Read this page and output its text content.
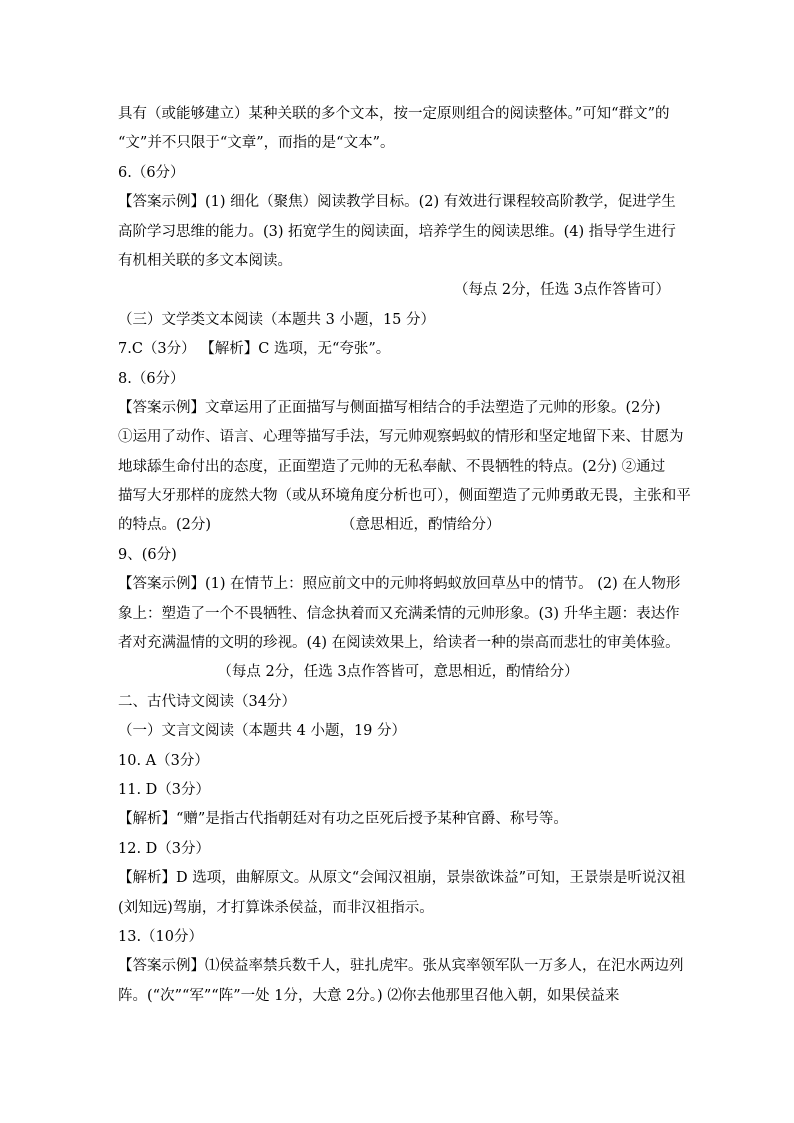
具有（或能够建立）某种关联的多个文本，按一定原则组合的阅读整体。”可知“群文”的
“文”并不只限于“文章”，而指的是“文本”。
6.（6分）
【答案示例】(1) 细化（聚焦）阅读教学目标。(2) 有效进行课程较高阶教学，促进学生
高阶学习思维的能力。(3) 拓宽学生的阅读面，培养学生的阅读思维。(4) 指导学生进行
有机相关联的多文本阅读。
（每点 2分，任选 3点作答皆可）
（三）文学类文本阅读（本题共 3 小题，15 分）
7.C（3分） 【解析】C 选项，无“夸张”。
8.（6分）
【答案示例】文章运用了正面描写与侧面描写相结合的手法塑造了元帅的形象。(2分)
①运用了动作、语言、心理等描写手法，写元帅观察蚂蚁的情形和坚定地留下来、甘愿为
地球舔生命付出的态度，正面塑造了元帅的无私奉献、不畏牺牲的特点。(2分) ②通过
描写大牙那样的庞然大物（或从环境角度分析也可），侧面塑造了元帅勇敢无畏，主张和平
的特点。(2分)	（意思相近，酌情给分）
9、(6分)
【答案示例】(1) 在情节上：照应前文中的元帅将蚂蚁放回草丛中的情节。 (2) 在人物形
象上：塑造了一个不畏牺牲、信念执着而又充满柔情的元帅形象。(3) 升华主题：表达作
者对充满温情的文明的珍视。(4) 在阅读效果上，给读者一种的崇高而悲壮的审美体验。
（每点 2分，任选 3点作答皆可，意思相近，酌情给分）
二、古代诗文阅读（34分）
（一）文言文阅读（本题共 4 小题，19 分）
10. A（3分）
11. D（3分）
【解析】“赠”是指古代指朝廷对有功之臣死后授予某种官爵、称号等。
12. D（3分）
【解析】D 选项，曲解原文。从原文“会闻汉祖崩，景崇欲诛益”可知，王景崇是听说汉祖
(刘知远)驾崩，才打算诛杀侯益，而非汉祖指示。
13.（10分）
【答案示例】⑴侯益率禁兵数千人，驻扎虎牢。张从宾率领军队一万多人，在汜水两边列
阵。(“次”“军”“阵”一处 1分，大意 2分。) ⑵你去他那里召他入朝，如果侯益来
